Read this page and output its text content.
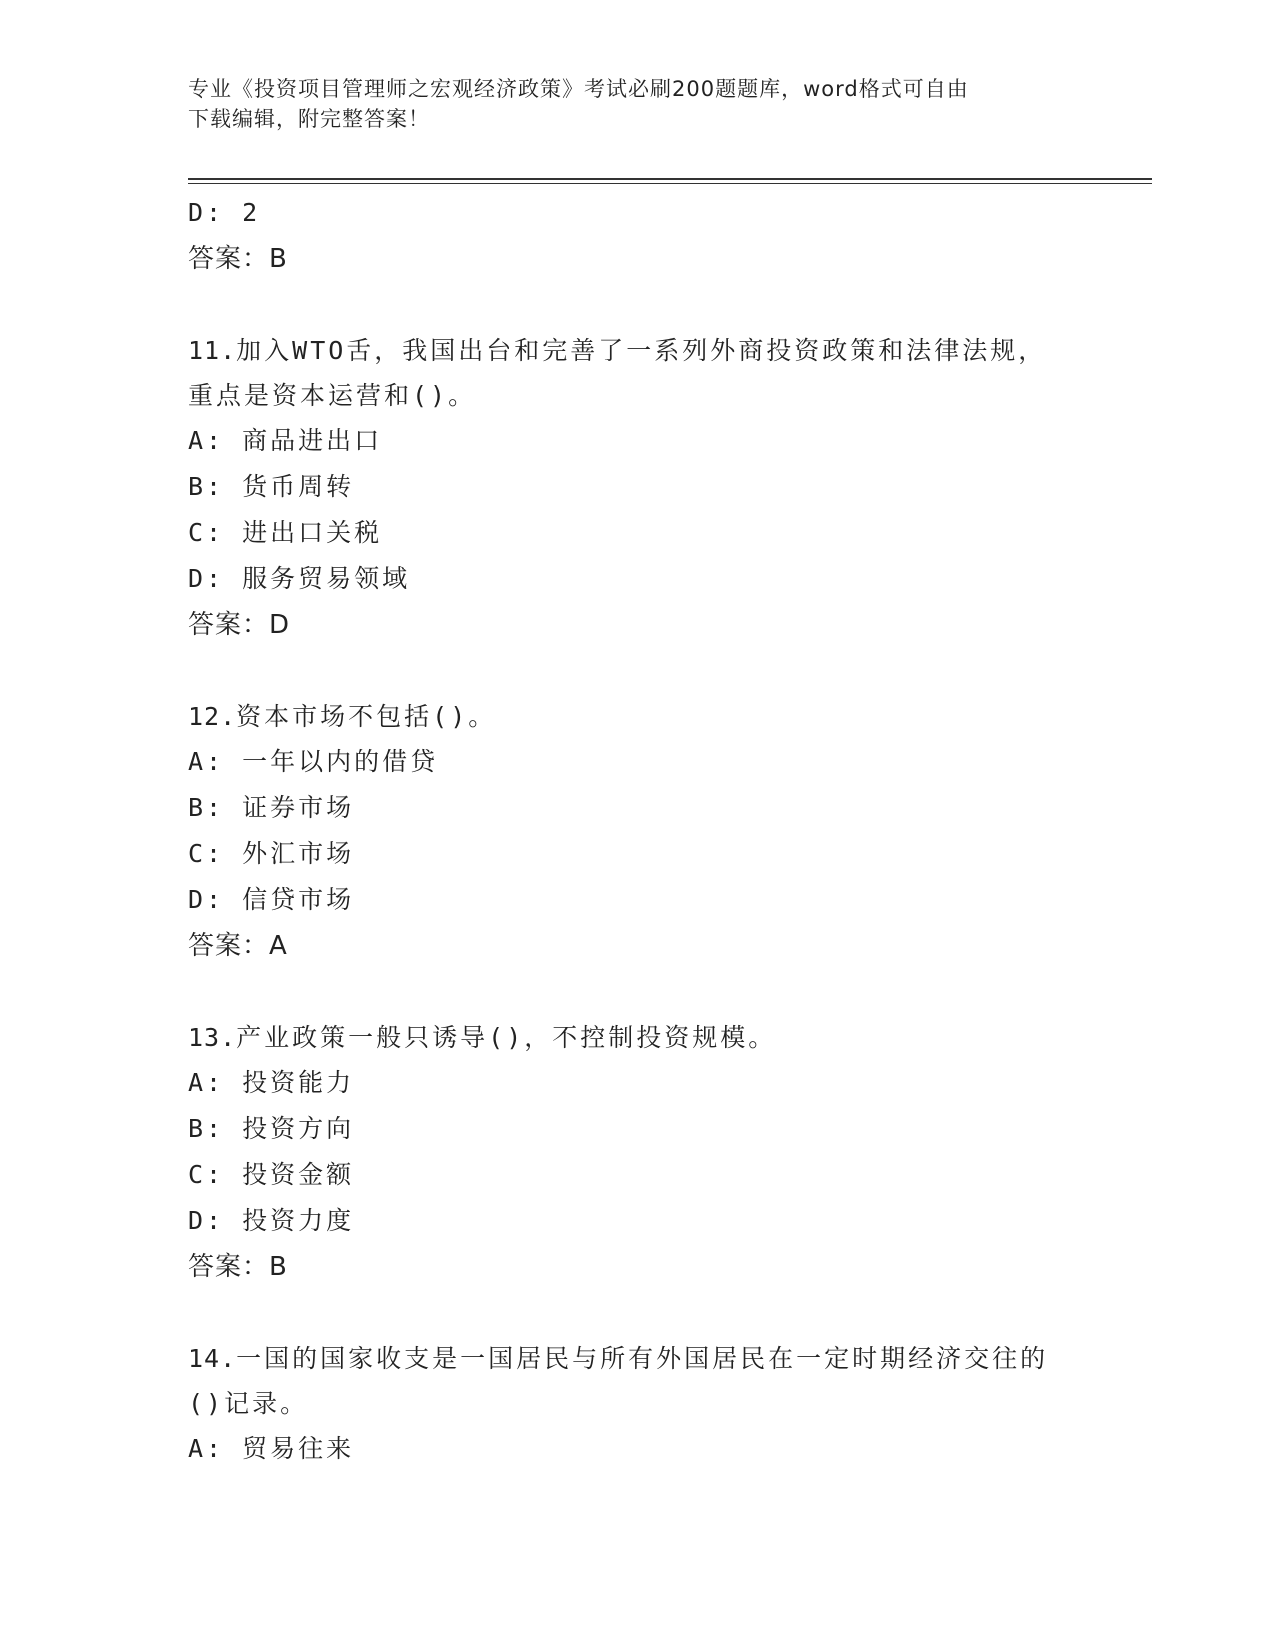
专业《投资项目管理师之宏观经济政策》考试必刷200题题库，word格式可自由
下载编辑，附完整答案！
D: 2
答案：B
11.加入WTO舌，我国出台和完善了一系列外商投资政策和法律法规，
重点是资本运营和()。
A: 商品进出口
B: 货币周转
C: 进出口关税
D: 服务贸易领域
答案：D
12.资本市场不包括()。
A: 一年以内的借贷
B: 证券市场
C: 外汇市场
D: 信贷市场
答案：A
13.产业政策一般只诱导()，不控制投资规模。
A: 投资能力
B: 投资方向
C: 投资金额
D: 投资力度
答案：B
14.一国的国家收支是一国居民与所有外国居民在一定时期经济交往的
()记录。
A: 贸易往来
